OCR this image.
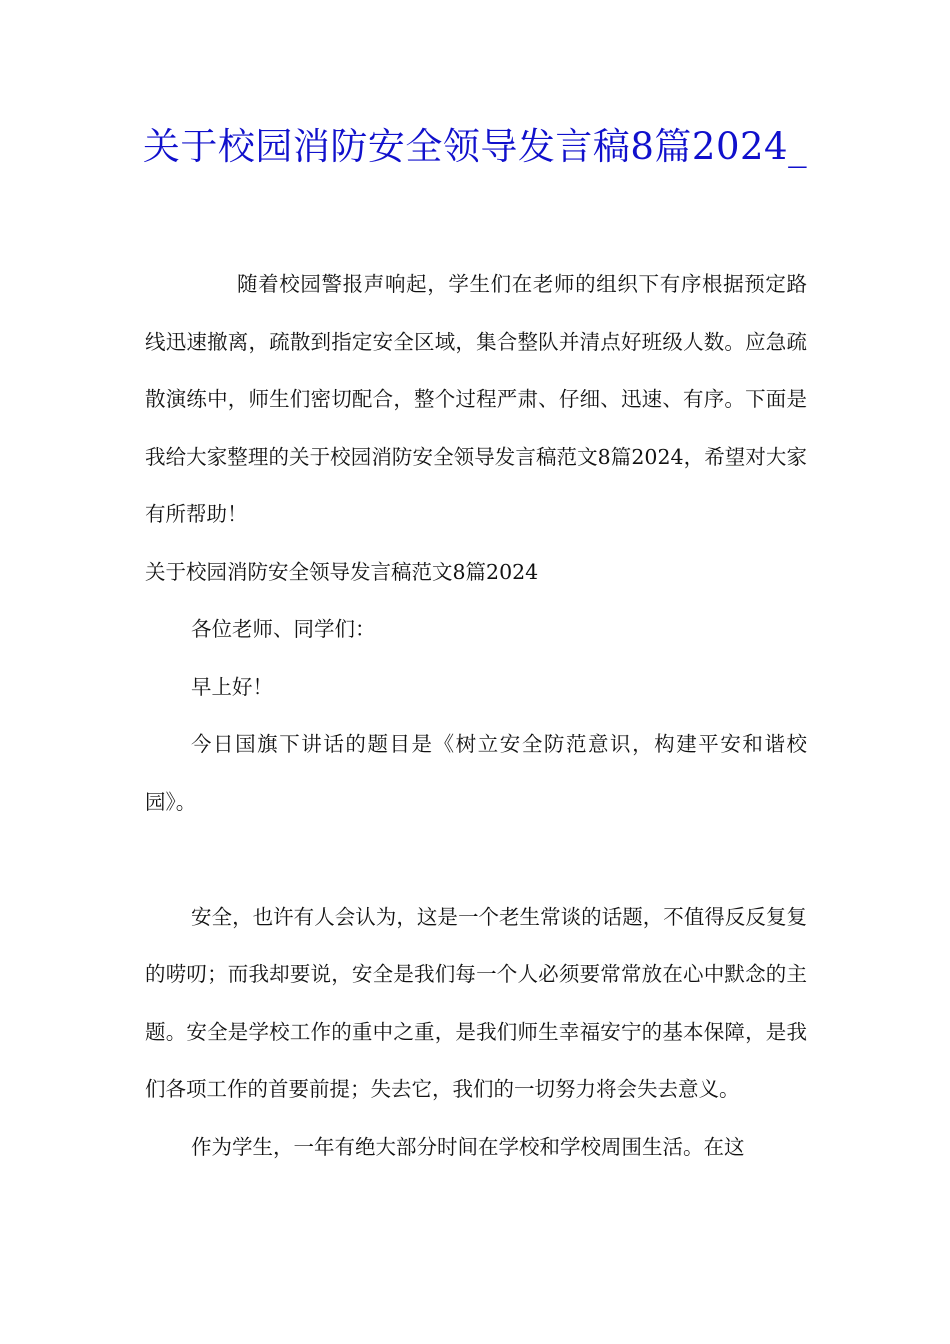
关于校园消防安全领导发言稿8篇2024_

随着校园警报声响起，学生们在老师的组织下有序根据预定路线迅速撤离，疏散到指定安全区域，集合整队并清点好班级人数。应急疏散演练中，师生们密切配合，整个过程严肃、仔细、迅速、有序。下面是我给大家整理的关于校园消防安全领导发言稿范文8篇2024，希望对大家有所帮助！

关于校园消防安全领导发言稿范文8篇2024

各位老师、同学们：

早上好！

今日国旗下讲话的题目是《树立安全防范意识，构建平安和谐校园》。

安全，也许有人会认为，这是一个老生常谈的话题，不值得反反复复的唠叨；而我却要说，安全是我们每一个人必须要常常放在心中默念的主题。安全是学校工作的重中之重，是我们师生幸福安宁的基本保障，是我们各项工作的首要前提；失去它，我们的一切努力将会失去意义。

作为学生，一年有绝大部分时间在学校和学校周围生活。在这
